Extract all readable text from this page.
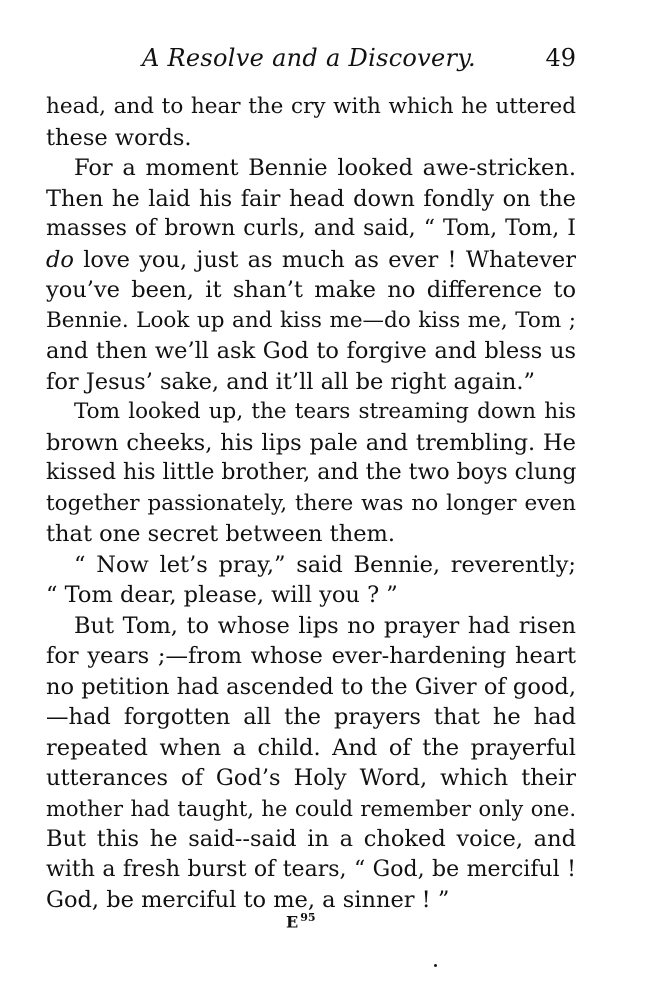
A Resolve and a Discovery.	49
head, and to hear the cry with which he uttered
these words.
For a moment Bennie looked awe-stricken.
Then he laid his fair head down fondly on the
masses of brown curls, and said, “ Tom, Tom, I
do love you, just as much as ever ! Whatever
you’ve been, it shan’t make no difference to
Bennie. Look up and kiss me—do kiss me, Tom ;
and then we’ll ask God to forgive and bless us
for Jesus’ sake, and it’ll all be right again.”
Tom looked up, the tears streaming down his
brown cheeks, his lips pale and trembling. He
kissed his little brother, and the two boys clung
together passionately, there was no longer even
that one secret between them.
“ Now let’s pray,” said Bennie, reverently;
“ Tom dear, please, will you ? ”
But Tom, to whose lips no prayer had risen
for years ;—from whose ever-hardening heart
no petition had ascended to the Giver of good,
—had forgotten all the prayers that he had
repeated when a child. And of the prayerful
utterances of God’s Holy Word, which their
mother had taught, he could remember only one.
But this he said--said in a choked voice, and
with a fresh burst of tears, “ God, be merciful !
God, be merciful to me, a sinner ! ”
E $^{95}$
